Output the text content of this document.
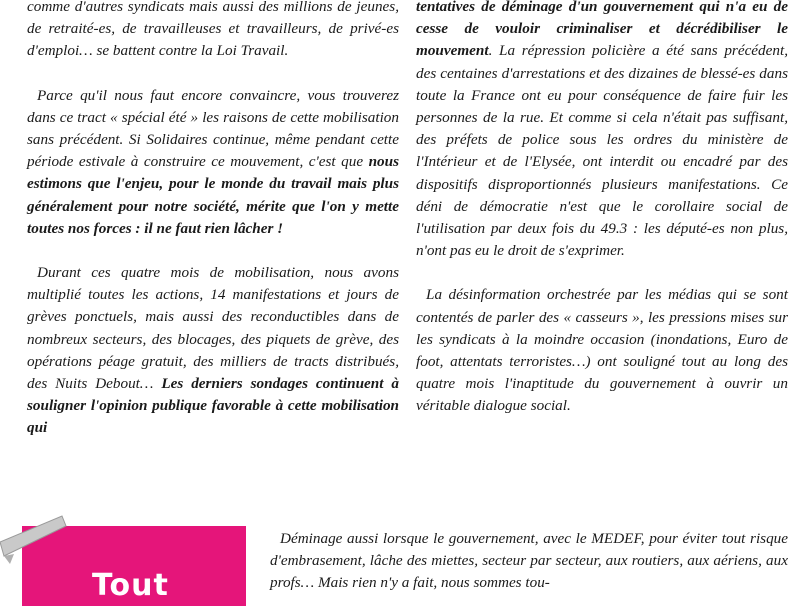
comme d'autres syndicats mais aussi des millions de jeunes, de retraité-es, de travailleuses et travailleurs, de privé-es d'emploi… se battent contre la Loi Travail.

Parce qu'il nous faut encore convaincre, vous trouverez dans ce tract « spécial été » les raisons de cette mobilisation sans précédent. Si Solidaires continue, même pendant cette période estivale à construire ce mouvement, c'est que nous estimons que l'enjeu, pour le monde du travail mais plus généralement pour notre société, mérite que l'on y mette toutes nos forces : il ne faut rien lâcher !

Durant ces quatre mois de mobilisation, nous avons multiplié toutes les actions, 14 manifestations et jours de grèves ponctuels, mais aussi des reconductibles dans de nombreux secteurs, des blocages, des piquets de grève, des opérations péage gratuit, des milliers de tracts distribués, des Nuits Debout… Les derniers sondages continuent à souligner l'opinion publique favorable à cette mobilisation qui

tentatives de déminage d'un gouvernement qui n'a eu de cesse de vouloir criminaliser et décrédibiliser le mouvement. La répression policière a été sans précédent, des centaines d'arrestations et des dizaines de blessé-es dans toute la France ont eu pour conséquence de faire fuir les personnes de la rue. Et comme si cela n'était pas suffisant, des préfets de police sous les ordres du ministère de l'Intérieur et de l'Elysée, ont interdit ou encadré par des dispositifs disproportionnés plusieurs manifestations. Ce déni de démocratie n'est que le corollaire social de l'utilisation par deux fois du 49.3 : les député-es non plus, n'ont pas eu le droit de s'exprimer.

La désinformation orchestrée par les médias qui se sont contentés de parler des « casseurs », les pressions mises sur les syndicats à la moindre occasion (inondations, Euro de foot, attentats terroristes…) ont souligné tout au long des quatre mois l'inaptitude du gouvernement à ouvrir un véritable dialogue social.

Déminage aussi lorsque le gouvernement, avec le MEDEF, pour éviter tout risque d'embrasement, lâche des miettes, secteur par secteur, aux routiers, aux aériens, aux profs… Mais rien n'y a fait, nous sommes tou-

Tout
